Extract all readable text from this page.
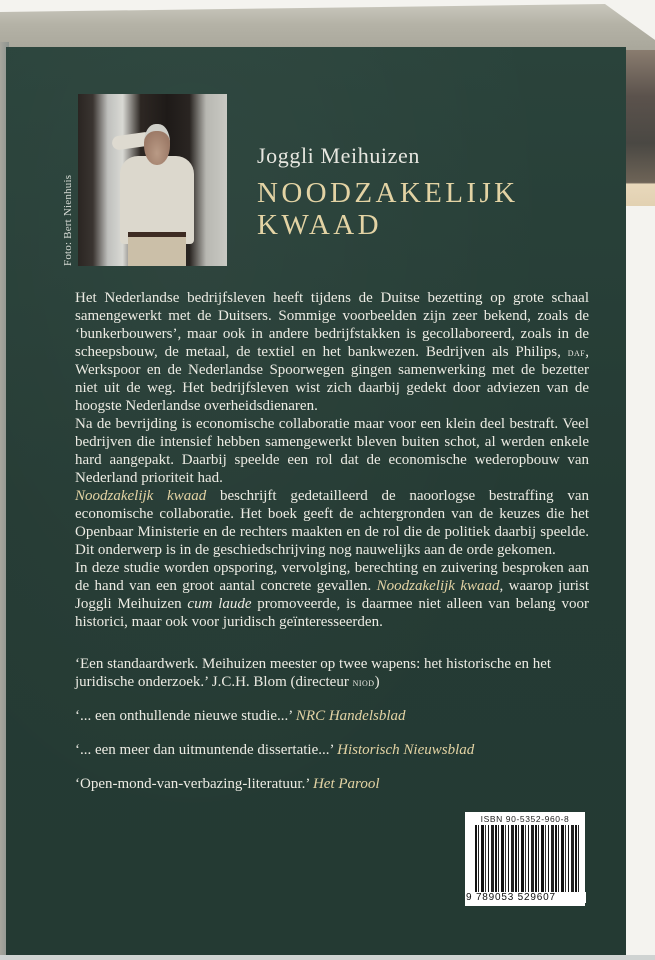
Foto: Bert Nienhuis
Joggli Meihuizen
NOODZAKELIJK
KWAAD

Het Nederlandse bedrijfsleven heeft tijdens de Duitse bezetting op grote schaal samengewerkt met de Duitsers. Sommige voorbeelden zijn zeer bekend, zoals de ‘bunkerbouwers’, maar ook in andere bedrijfstakken is gecollaboreerd, zoals in de scheepsbouw, de metaal, de textiel en het bankwezen. Bedrijven als Philips, daf, Werkspoor en de Nederlandse Spoorwegen gingen samenwerking met de bezetter niet uit de weg. Het bedrijfsleven wist zich daarbij gedekt door adviezen van de hoogste Nederlandse overheidsdienaren.

Na de bevrijding is economische collaboratie maar voor een klein deel bestraft. Veel bedrijven die intensief hebben samengewerkt bleven buiten schot, al werden enkele hard aangepakt. Daarbij speelde een rol dat de economische wederopbouw van Nederland prioriteit had.

Noodzakelijk kwaad beschrijft gedetailleerd de naoorlogse bestraffing van economische collaboratie. Het boek geeft de achtergronden van de keuzes die het Openbaar Ministerie en de rechters maakten en de rol die de politiek daarbij speelde. Dit onderwerp is in de geschiedschrijving nog nauwelijks aan de orde gekomen.

In deze studie worden opsporing, vervolging, berechting en zuivering besproken aan de hand van een groot aantal concrete gevallen. Noodzakelijk kwaad, waarop jurist Joggli Meihuizen cum laude promoveerde, is daarmee niet alleen van belang voor historici, maar ook voor juridisch geïnteresseerden.

‘Een standaardwerk. Meihuizen meester op twee wapens: het historische en het juridische onderzoek.’ J.C.H. Blom (directeur niod)

‘... een onthullende nieuwe studie...’ NRC Handelsblad

‘... een meer dan uitmuntende dissertatie...’ Historisch Nieuwsblad

‘Open-mond-van-verbazing-literatuur.’ Het Parool

ISBN 90-5352-960-8
9 789053 529607
